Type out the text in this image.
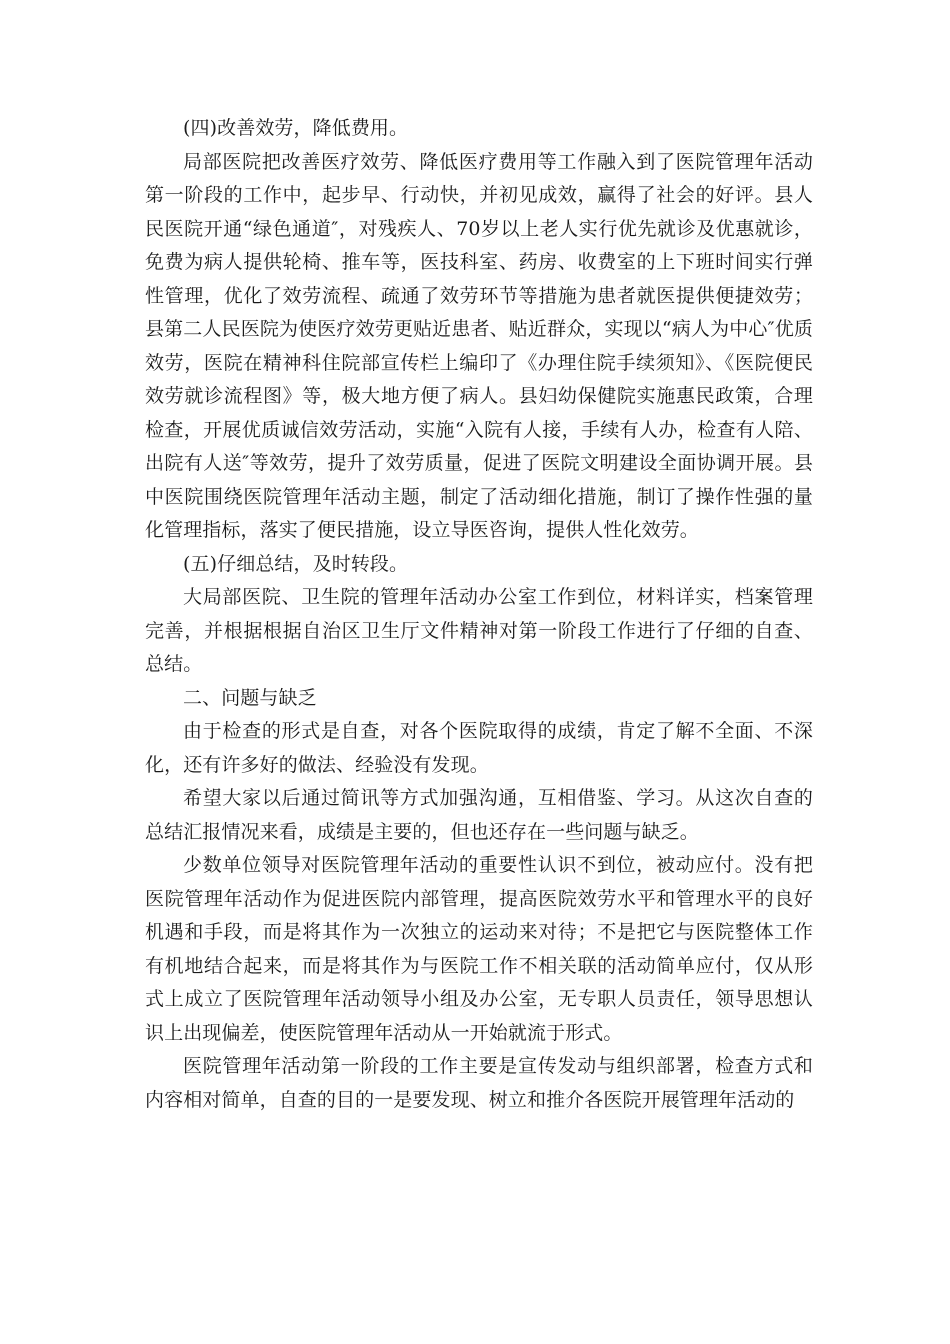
(四)改善效劳，降低费用。

局部医院把改善医疗效劳、降低医疗费用等工作融入到了医院管理年活动第一阶段的工作中，起步早、行动快，并初见成效，赢得了社会的好评。县人民医院开通“绿色通道″，对残疾人、70岁以上老人实行优先就诊及优惠就诊，免费为病人提供轮椅、推车等，医技科室、药房、收费室的上下班时间实行弹性管理，优化了效劳流程、疏通了效劳环节等措施为患者就医提供便捷效劳；县第二人民医院为使医疗效劳更贴近患者、贴近群众，实现以“病人为中心″优质效劳，医院在精神科住院部宣传栏上编印了《办理住院手续须知》、《医院便民效劳就诊流程图》等，极大地方便了病人。县妇幼保健院实施惠民政策，合理检查，开展优质诚信效劳活动，实施“入院有人接，手续有人办，检查有人陪、出院有人送″等效劳，提升了效劳质量，促进了医院文明建设全面协调开展。县中医院围绕医院管理年活动主题，制定了活动细化措施，制订了操作性强的量化管理指标，落实了便民措施，设立导医咨询，提供人性化效劳。

(五)仔细总结，及时转段。

大局部医院、卫生院的管理年活动办公室工作到位，材料详实，档案管理完善，并根据根据自治区卫生厅文件精神对第一阶段工作进行了仔细的自查、总结。

二、问题与缺乏

由于检查的形式是自查，对各个医院取得的成绩，肯定了解不全面、不深化，还有许多好的做法、经验没有发现。

希望大家以后通过简讯等方式加强沟通，互相借鉴、学习。从这次自查的总结汇报情况来看，成绩是主要的，但也还存在一些问题与缺乏。

少数单位领导对医院管理年活动的重要性认识不到位，被动应付。没有把医院管理年活动作为促进医院内部管理，提高医院效劳水平和管理水平的良好机遇和手段，而是将其作为一次独立的运动来对待；不是把它与医院整体工作有机地结合起来，而是将其作为与医院工作不相关联的活动简单应付，仅从形式上成立了医院管理年活动领导小组及办公室，无专职人员责任，领导思想认识上出现偏差，使医院管理年活动从一开始就流于形式。

医院管理年活动第一阶段的工作主要是宣传发动与组织部署，检查方式和内容相对简单，自查的目的一是要发现、树立和推介各医院开展管理年活动的
